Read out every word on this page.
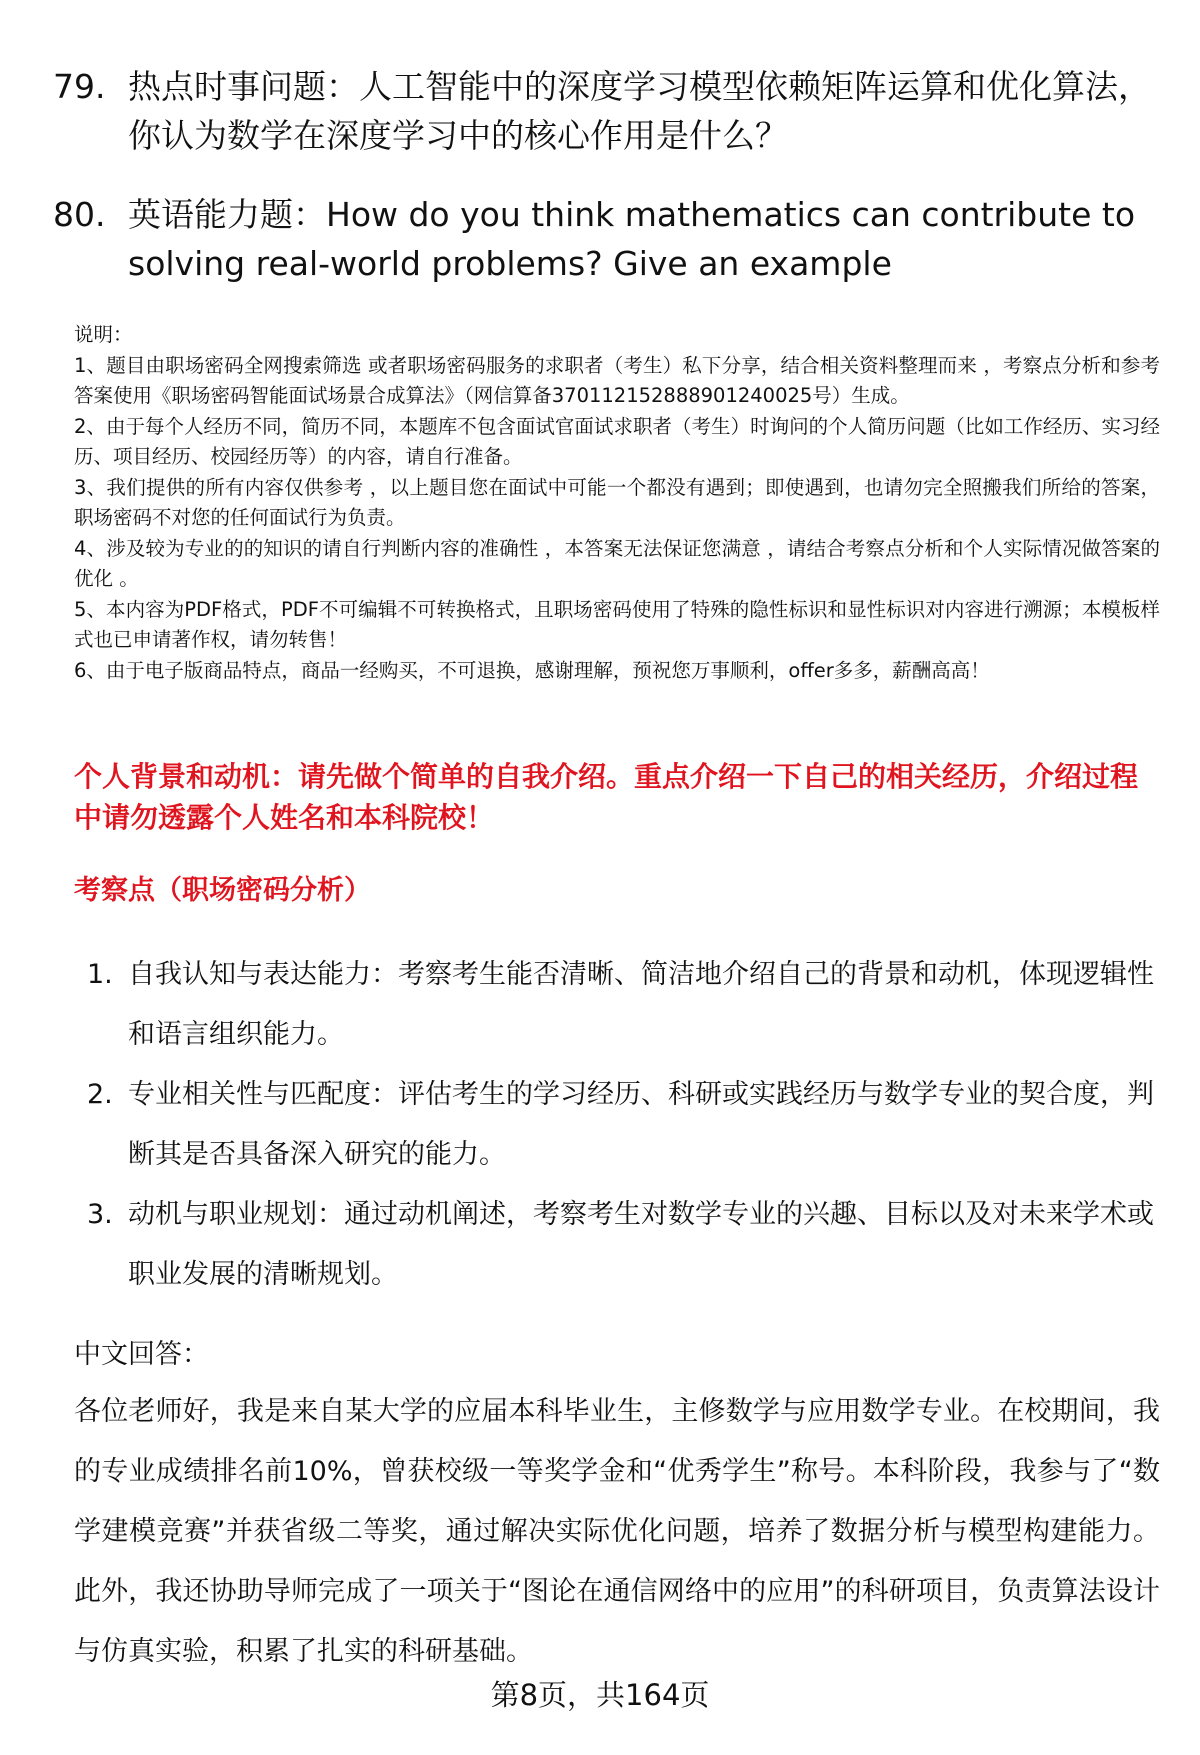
79. 热点时事问题：人工智能中的深度学习模型依赖矩阵运算和优化算法，你认为数学在深度学习中的核心作用是什么？
80. 英语能力题：How do you think mathematics can contribute to solving real-world problems? Give an example
说明：
1、题目由职场密码全网搜索筛选 或者职场密码服务的求职者（考生）私下分享，结合相关资料整理而来 ，考察点分析和参考答案使用《职场密码智能面试场景合成算法》（网信算备370112152888901240025号）生成。
2、由于每个人经历不同，简历不同，本题库不包含面试官面试求职者（考生）时询问的个人简历问题（比如工作经历、实习经历、项目经历、校园经历等）的内容，请自行准备。
3、我们提供的所有内容仅供参考 ，以上题目您在面试中可能一个都没有遇到；即使遇到，也请勿完全照搬我们所给的答案，职场密码不对您的任何面试行为负责。
4、涉及较为专业的的知识的请自行判断内容的准确性 ，本答案无法保证您满意 ，请结合考察点分析和个人实际情况做答案的优化 。
5、本内容为PDF格式，PDF不可编辑不可转换格式，且职场密码使用了特殊的隐性标识和显性标识对内容进行溯源；本模板样式也已申请著作权，请勿转售！
6、由于电子版商品特点，商品一经购买，不可退换，感谢理解，预祝您万事顺利，offer多多，薪酬高高！
个人背景和动机：请先做个简单的自我介绍。重点介绍一下自己的相关经历，介绍过程中请勿透露个人姓名和本科院校！
考察点（职场密码分析）
1. 自我认知与表达能力：考察考生能否清晰、简洁地介绍自己的背景和动机，体现逻辑性和语言组织能力。
2. 专业相关性与匹配度：评估考生的学习经历、科研或实践经历与数学专业的契合度，判断其是否具备深入研究的能力。
3. 动机与职业规划：通过动机阐述，考察考生对数学专业的兴趣、目标以及对未来学术或职业发展的清晰规划。
中文回答：
各位老师好，我是来自某大学的应届本科毕业生，主修数学与应用数学专业。在校期间，我的专业成绩排名前10%，曾获校级一等奖学金和“优秀学生”称号。本科阶段，我参与了“数学建模竞赛”并获省级二等奖，通过解决实际优化问题，培养了数据分析与模型构建能力。此外，我还协助导师完成了一项关于“图论在通信网络中的应用”的科研项目，负责算法设计与仿真实验，积累了扎实的科研基础。
第8页，共164页
